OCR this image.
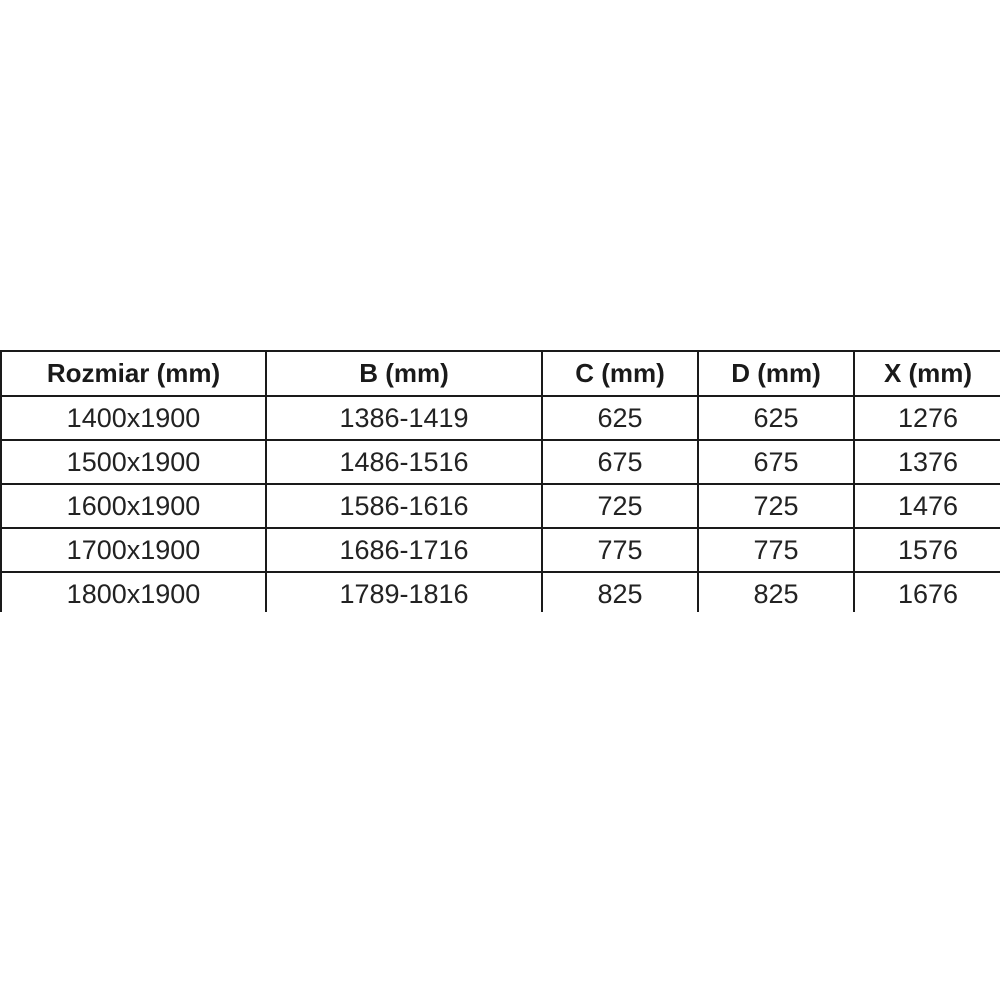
Rozmiar (mm)	B (mm)	C (mm)	D (mm)	X (mm)
1400x1900	1386-1419	625	625	1276
1500x1900	1486-1516	675	675	1376
1600x1900	1586-1616	725	725	1476
1700x1900	1686-1716	775	775	1576
1800x1900	1789-1816	825	825	1676
